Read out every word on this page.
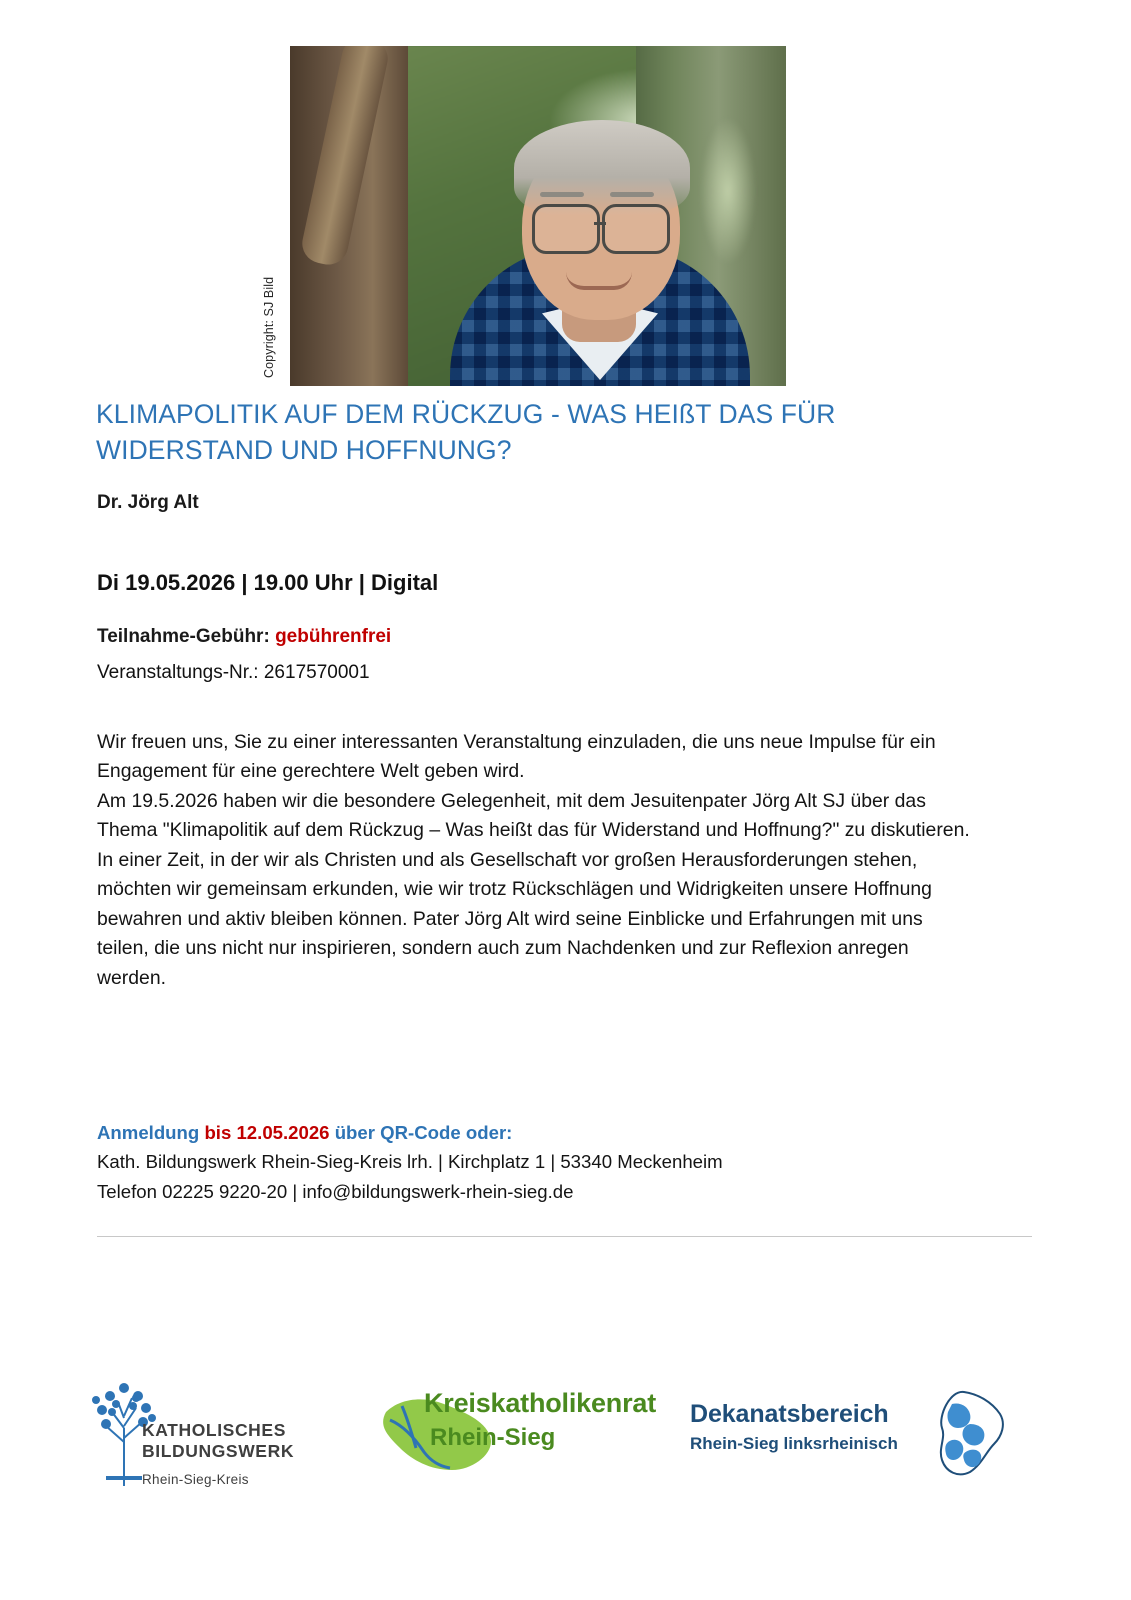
Copyright: SJ Bild
KLIMAPOLITIK AUF DEM RÜCKZUG - WAS HEIßT DAS FÜR WIDERSTAND UND HOFFNUNG?
Dr. Jörg Alt
Di 19.05.2026 | 19.00 Uhr | Digital
Teilnahme-Gebühr: gebührenfrei
Veranstaltungs-Nr.: 2617570001

Wir freuen uns, Sie zu einer interessanten Veranstaltung einzuladen, die uns neue Impulse für ein Engagement für eine gerechtere Welt geben wird.

Am 19.5.2026 haben wir die besondere Gelegenheit, mit dem Jesuitenpater Jörg Alt SJ über das Thema "Klimapolitik auf dem Rückzug – Was heißt das für Widerstand und Hoffnung?" zu diskutieren.

In einer Zeit, in der wir als Christen und als Gesellschaft vor großen Herausforderungen stehen, möchten wir gemeinsam erkunden, wie wir trotz Rückschlägen und Widrigkeiten unsere Hoffnung bewahren und aktiv bleiben können. Pater Jörg Alt wird seine Einblicke und Erfahrungen mit uns teilen, die uns nicht nur inspirieren, sondern auch zum Nachdenken und zur Reflexion anregen werden.

Anmeldung bis 12.05.2026 über QR-Code oder:
Kath. Bildungswerk Rhein-Sieg-Kreis lrh. | Kirchplatz 1 | 53340 Meckenheim
Telefon 02225 9220-20 | info@bildungswerk-rhein-sieg.de
KATHOLISCHES
BILDUNGSWERK
Rhein-Sieg-Kreis
Kreiskatholikenrat
Rhein-Sieg
Dekanatsbereich
Rhein-Sieg linksrheinisch
